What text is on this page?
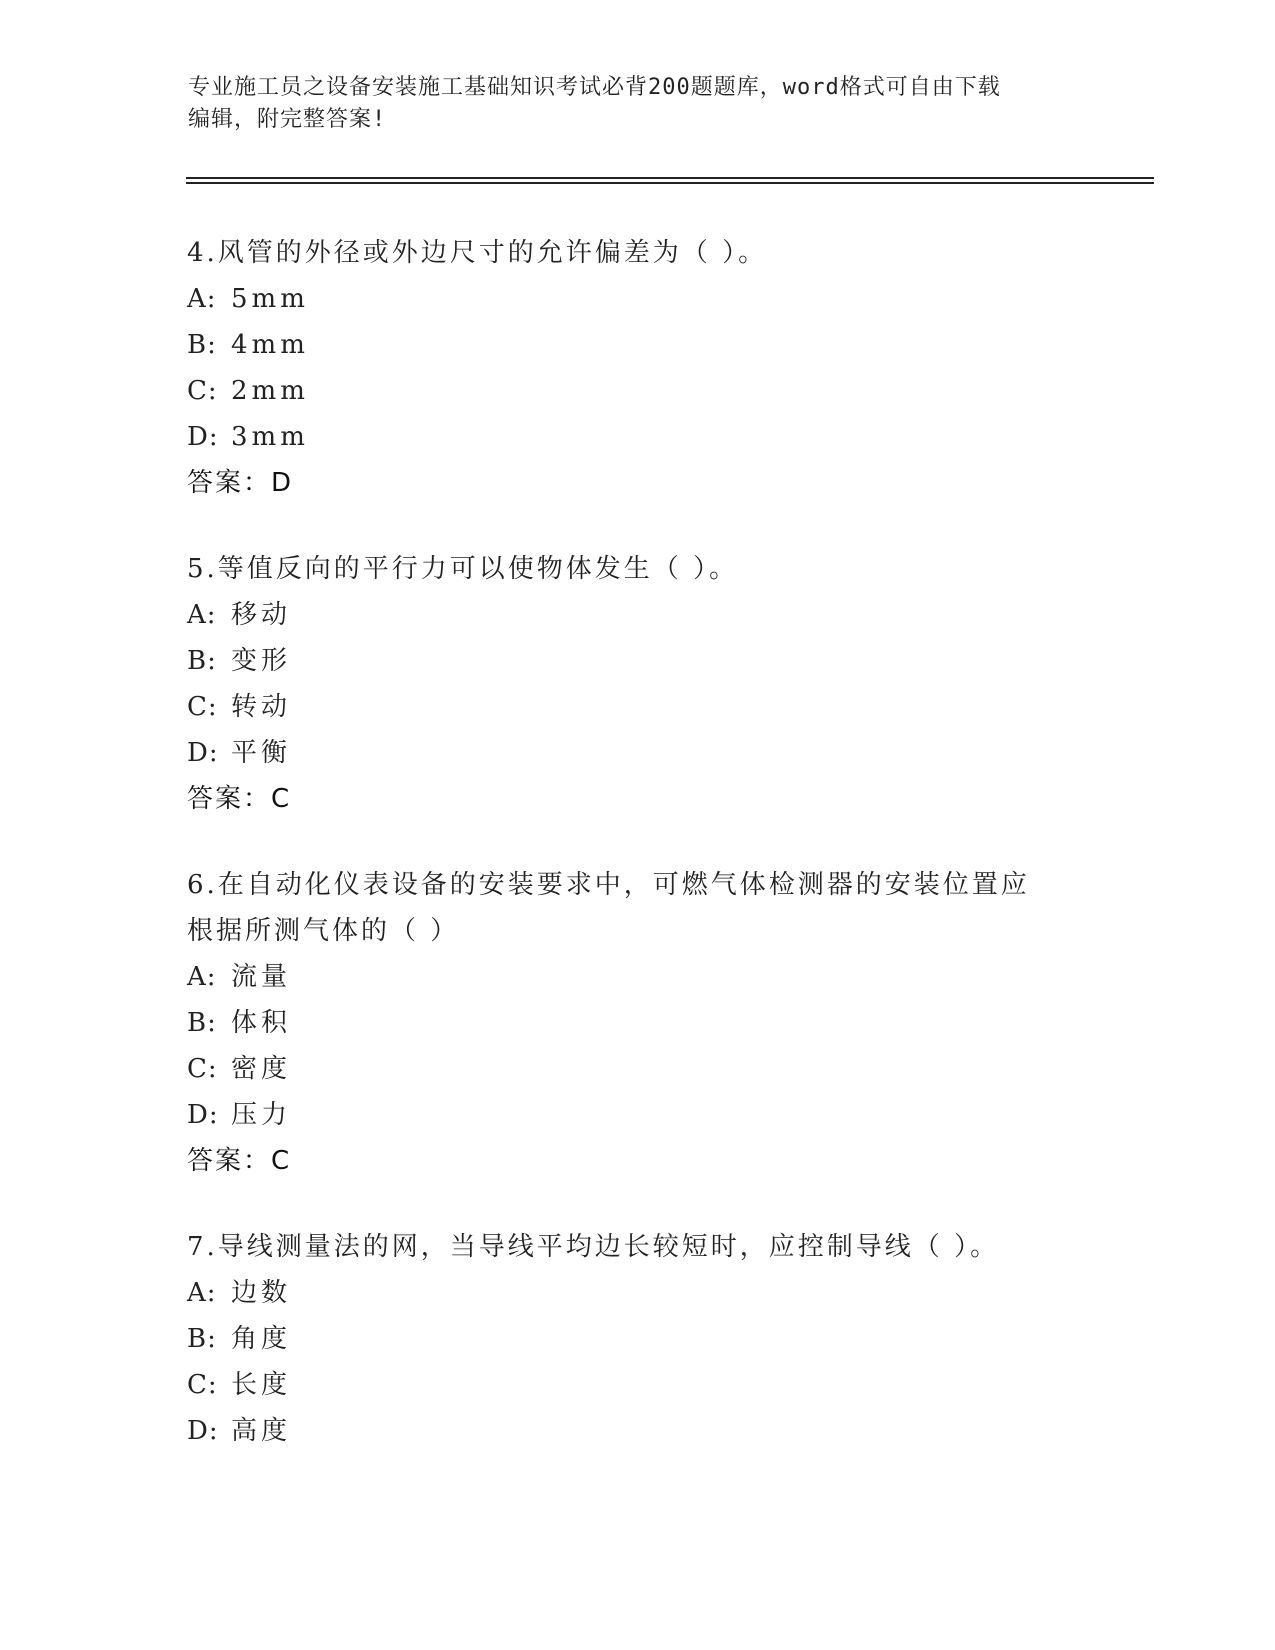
专业施工员之设备安装施工基础知识考试必背200题题库，word格式可自由下载
编辑，附完整答案!

4.风管的外径或外边尺寸的允许偏差为（ ）。

A: 5mm
B: 4mm
C: 2mm
D: 3mm
答案：D

5.等值反向的平行力可以使物体发生（ ）。

A: 移动
B: 变形
C: 转动
D: 平衡
答案：C

6.在自动化仪表设备的安装要求中，可燃气体检测器的安装位置应根据所测气体的（ ）

A: 流量
B: 体积
C: 密度
D: 压力
答案：C

7.导线测量法的网，当导线平均边长较短时，应控制导线（ ）。

A: 边数
B: 角度
C: 长度
D: 高度
